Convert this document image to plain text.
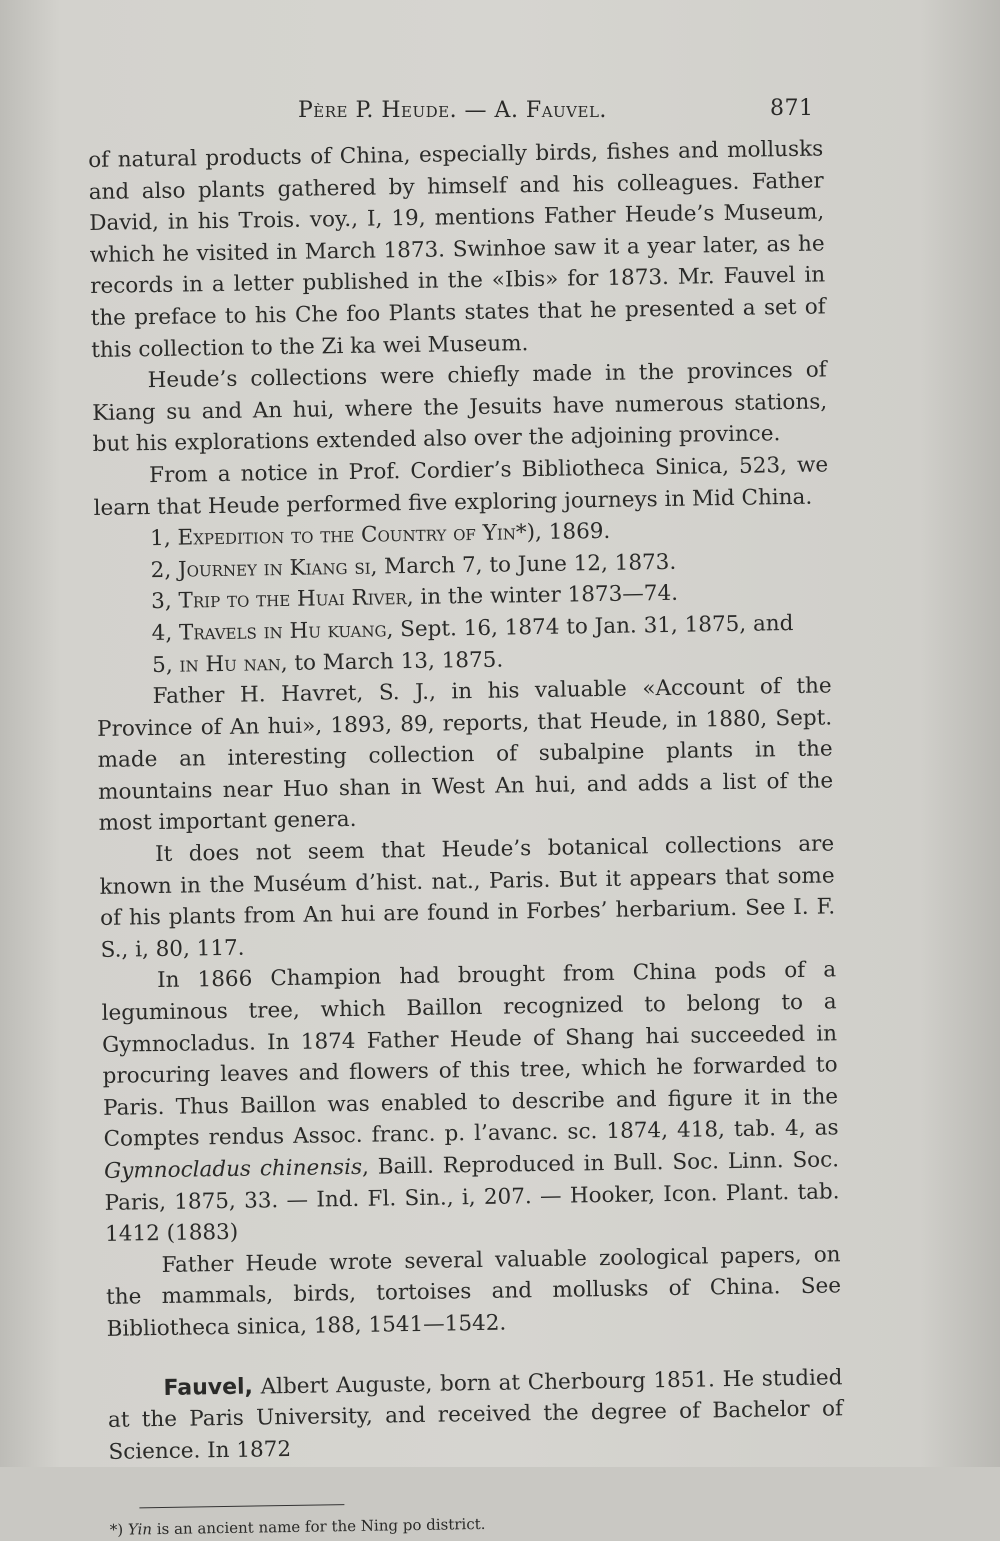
Père P. Heude. — A. Fauvel.	871

of natural products of China, especially birds, fishes and mollusks and also plants gathered by himself and his colleagues. Father David, in his Trois. voy., I, 19, mentions Father Heude’s Museum, which he visited in March 1873. Swinhoe saw it a year later, as he records in a letter published in the «Ibis» for 1873. Mr. Fauvel in the preface to his Che foo Plants states that he presented a set of this collection to the Zi ka wei Museum.

Heude’s collections were chiefly made in the provinces of Kiang su and An hui, where the Jesuits have numerous stations, but his explorations extended also over the adjoining province.

From a notice in Prof. Cordier’s Bibliotheca Sinica, 523, we learn that Heude performed five exploring journeys in Mid China.

1, Expedition to the Country of Yin*), 1869.

2, Journey in Kiang si, March 7, to June 12, 1873.

3, Trip to the Huai River, in the winter 1873—74.

4, Travels in Hu kuang, Sept. 16, 1874 to Jan. 31, 1875, and

5, in Hu nan, to March 13, 1875.

Father H. Havret, S. J., in his valuable «Account of the Province of An hui», 1893, 89, reports, that Heude, in 1880, Sept. made an interesting collection of subalpine plants in the mountains near Huo shan in West An hui, and adds a list of the most important genera.

It does not seem that Heude’s botanical collections are known in the Muséum d’hist. nat., Paris. But it appears that some of his plants from An hui are found in Forbes’ herbarium. See I. F. S., i, 80, 117.

In 1866 Champion had brought from China pods of a leguminous tree, which Baillon recognized to belong to a Gymnocladus. In 1874 Father Heude of Shang hai succeeded in procuring leaves and flowers of this tree, which he forwarded to Paris. Thus Baillon was enabled to describe and figure it in the Comptes rendus Assoc. franc. p. l’avanc. sc. 1874, 418, tab. 4, as Gymnocladus chinensis, Baill. Reproduced in Bull. Soc. Linn. Soc. Paris, 1875, 33. — Ind. Fl. Sin., i, 207. — Hooker, Icon. Plant. tab. 1412 (1883)

Father Heude wrote several valuable zoological papers, on the mammals, birds, tortoises and mollusks of China. See Bibliotheca sinica, 188, 1541—1542.

Fauvel, Albert Auguste, born at Cherbourg 1851. He studied at the Paris University, and received the degree of Bachelor of Science. In 1872

*) Yin is an ancient name for the Ning po district.
